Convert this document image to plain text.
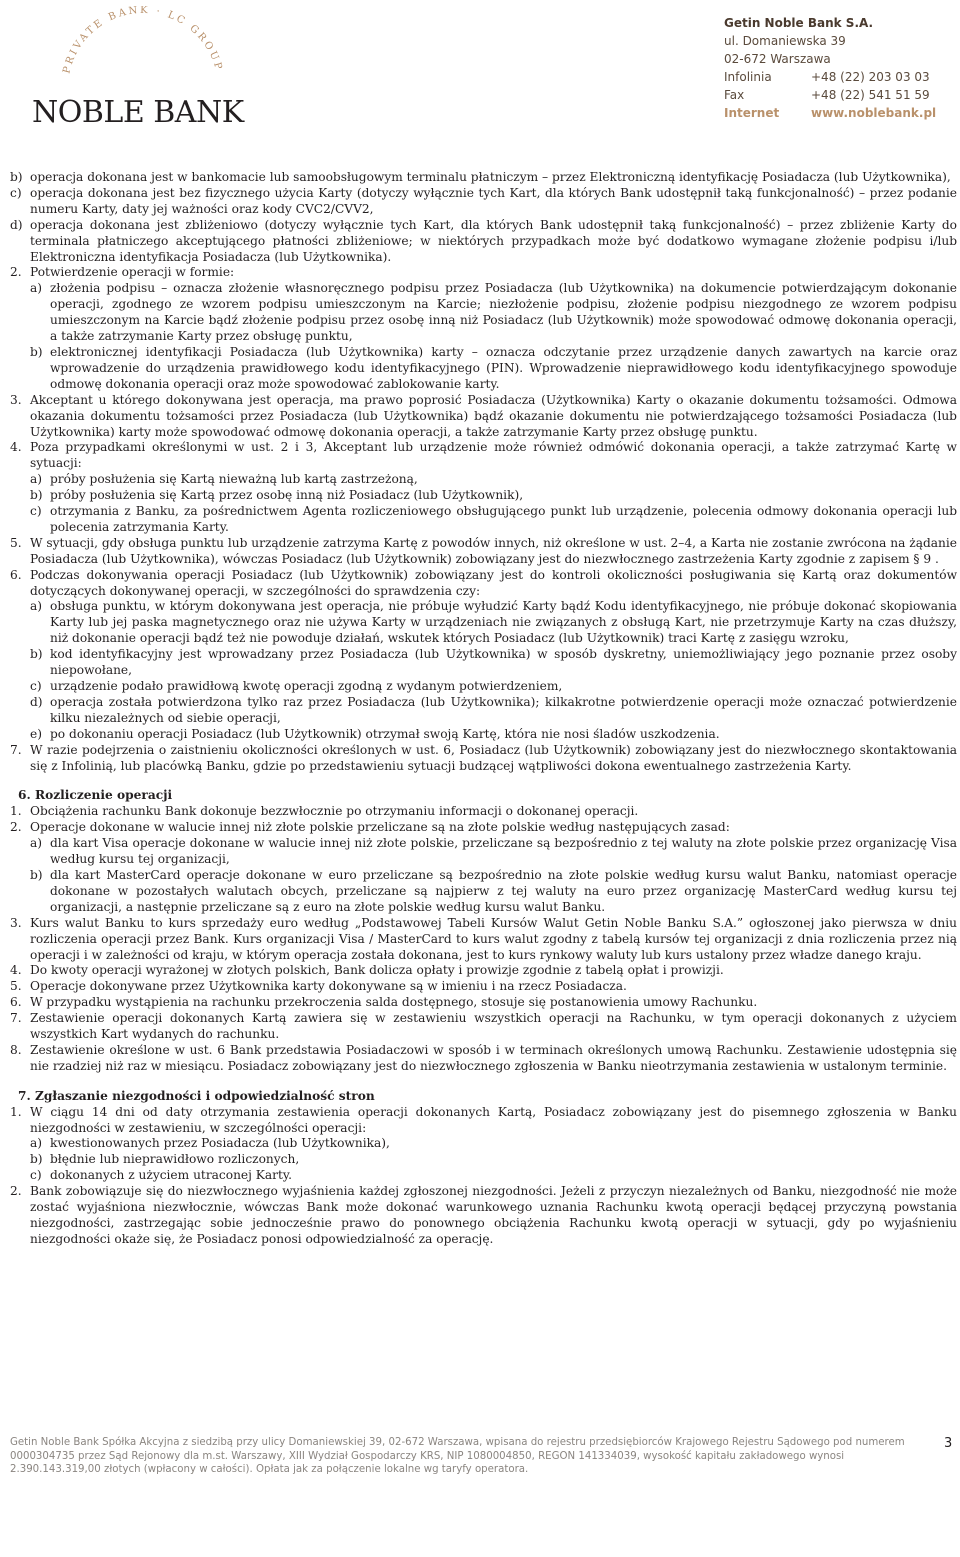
PRIVATE BANK · LC GROUP
NOBLE BANK
Getin Noble Bank S.A.
ul. Domaniewska 39
02-672 Warszawa
Infolinia	+48 (22) 203 03 03
Fax	+48 (22) 541 51 59
Internet	www.noblebank.pl
b) operacja dokonana jest w bankomacie lub samoobsługowym terminalu płatniczym – przez Elektroniczną identyfikację Posiadacza (lub Użytkownika),
c) operacja dokonana jest bez fizycznego użycia Karty (dotyczy wyłącznie tych Kart, dla których Bank udostępnił taką funkcjonalność) – przez podanie numeru Karty, daty jej ważności oraz kody CVC2/CVV2,
d) operacja dokonana jest zbliżeniowo (dotyczy wyłącznie tych Kart, dla których Bank udostępnił taką funkcjonalność) – przez zbliżenie Karty do terminala płatniczego akceptującego płatności zbliżeniowe; w niektórych przypadkach może być dodatkowo wymagane złożenie podpisu i/lub Elektroniczna identyfikacja Posiadacza (lub Użytkownika).
2. Potwierdzenie operacji w formie:
a) złożenia podpisu – oznacza złożenie własnoręcznego podpisu przez Posiadacza (lub Użytkownika) na dokumencie potwierdzającym dokonanie operacji, zgodnego ze wzorem podpisu umieszczonym na Karcie; niezłożenie podpisu, złożenie podpisu niezgodnego ze wzorem podpisu umieszczonym na Karcie bądź złożenie podpisu przez osobę inną niż Posiadacz (lub Użytkownik) może spowodować odmowę dokonania operacji, a także zatrzymanie Karty przez obsługę punktu,
b) elektronicznej identyfikacji Posiadacza (lub Użytkownika) karty – oznacza odczytanie przez urządzenie danych zawartych na karcie oraz wprowadzenie do urządzenia prawidłowego kodu identyfikacyjnego (PIN). Wprowadzenie nieprawidłowego kodu identyfikacyjnego spowoduje odmowę dokonania operacji oraz może spowodować zablokowanie karty.
3. Akceptant u którego dokonywana jest operacja, ma prawo poprosić Posiadacza (Użytkownika) Karty o okazanie dokumentu tożsamości. Odmowa okazania dokumentu tożsamości przez Posiadacza (lub Użytkownika) bądź okazanie dokumentu nie potwierdzającego tożsamości Posiadacza (lub Użytkownika) karty może spowodować odmowę dokonania operacji, a także zatrzymanie Karty przez obsługę punktu.
4. Poza przypadkami określonymi w ust. 2 i 3, Akceptant lub urządzenie może również odmówić dokonania operacji, a także zatrzymać Kartę w sytuacji:
a) próby posłużenia się Kartą nieważną lub kartą zastrzeżoną,
b) próby posłużenia się Kartą przez osobę inną niż Posiadacz (lub Użytkownik),
c) otrzymania z Banku, za pośrednictwem Agenta rozliczeniowego obsługującego punkt lub urządzenie, polecenia odmowy dokonania operacji lub polecenia zatrzymania Karty.
5. W sytuacji, gdy obsługa punktu lub urządzenie zatrzyma Kartę z powodów innych, niż określone w ust. 2–4, a Karta nie zostanie zwrócona na żądanie Posiadacza (lub Użytkownika), wówczas Posiadacz (lub Użytkownik) zobowiązany jest do niezwłocznego zastrzeżenia Karty zgodnie z zapisem § 9 .
6. Podczas dokonywania operacji Posiadacz (lub Użytkownik) zobowiązany jest do kontroli okoliczności posługiwania się Kartą oraz dokumentów dotyczących dokonywanej operacji, w szczególności do sprawdzenia czy:
a) obsługa punktu, w którym dokonywana jest operacja, nie próbuje wyłudzić Karty bądź Kodu identyfikacyjnego, nie próbuje dokonać skopiowania Karty lub jej paska magnetycznego oraz nie używa Karty w urządzeniach nie związanych z obsługą Kart, nie przetrzymuje Karty na czas dłuższy, niż dokonanie operacji bądź też nie powoduje działań, wskutek których Posiadacz (lub Użytkownik) traci Kartę z zasięgu wzroku,
b) kod identyfikacyjny jest wprowadzany przez Posiadacza (lub Użytkownika) w sposób dyskretny, uniemożliwiający jego poznanie przez osoby niepowołane,
c) urządzenie podało prawidłową kwotę operacji zgodną z wydanym potwierdzeniem,
d) operacja została potwierdzona tylko raz przez Posiadacza (lub Użytkownika); kilkakrotne potwierdzenie operacji może oznaczać potwierdzenie kilku niezależnych od siebie operacji,
e) po dokonaniu operacji Posiadacz (lub Użytkownik) otrzymał swoją Kartę, która nie nosi śladów uszkodzenia.
7. W razie podejrzenia o zaistnieniu okoliczności określonych w ust. 6, Posiadacz (lub Użytkownik) zobowiązany jest do niezwłocznego skontaktowania się z Infolinią, lub placówką Banku, gdzie po przedstawieniu sytuacji budzącej wątpliwości dokona ewentualnego zastrzeżenia Karty.
6. Rozliczenie operacji
1. Obciążenia rachunku Bank dokonuje bezzwłocznie po otrzymaniu informacji o dokonanej operacji.
2. Operacje dokonane w walucie innej niż złote polskie przeliczane są na złote polskie według następujących zasad:
a) dla kart Visa operacje dokonane w walucie innej niż złote polskie, przeliczane są bezpośrednio z tej waluty na złote polskie przez organizację Visa według kursu tej organizacji,
b) dla kart MasterCard operacje dokonane w euro przeliczane są bezpośrednio na złote polskie według kursu walut Banku, natomiast operacje dokonane w pozostałych walutach obcych, przeliczane są najpierw z tej waluty na euro przez organizację MasterCard według kursu tej organizacji, a następnie przeliczane są z euro na złote polskie według kursu walut Banku.
3. Kurs walut Banku to kurs sprzedaży euro według „Podstawowej Tabeli Kursów Walut Getin Noble Banku S.A.” ogłoszonej jako pierwsza w dniu rozliczenia operacji przez Bank. Kurs organizacji Visa / MasterCard to kurs walut zgodny z tabelą kursów tej organizacji z dnia rozliczenia przez nią operacji i w zależności od kraju, w którym operacja została dokonana, jest to kurs rynkowy waluty lub kurs ustalony przez władze danego kraju.
4. Do kwoty operacji wyrażonej w złotych polskich, Bank dolicza opłaty i prowizje zgodnie z tabelą opłat i prowizji.
5. Operacje dokonywane przez Użytkownika karty dokonywane są w imieniu i na rzecz Posiadacza.
6. W przypadku wystąpienia na rachunku przekroczenia salda dostępnego, stosuje się postanowienia umowy Rachunku.
7. Zestawienie operacji dokonanych Kartą zawiera się w zestawieniu wszystkich operacji na Rachunku, w tym operacji dokonanych z użyciem wszystkich Kart wydanych do rachunku.
8. Zestawienie określone w ust. 6 Bank przedstawia Posiadaczowi w sposób i w terminach określonych umową Rachunku. Zestawienie udostępnia się nie rzadziej niż raz w miesiącu. Posiadacz zobowiązany jest do niezwłocznego zgłoszenia w Banku nieotrzymania zestawienia w ustalonym terminie.
7. Zgłaszanie niezgodności i odpowiedzialność stron
1. W ciągu 14 dni od daty otrzymania zestawienia operacji dokonanych Kartą, Posiadacz zobowiązany jest do pisemnego zgłoszenia w Banku niezgodności w zestawieniu, w szczególności operacji:
a) kwestionowanych przez Posiadacza (lub Użytkownika),
b) błędnie lub nieprawidłowo rozliczonych,
c) dokonanych z użyciem utraconej Karty.
2. Bank zobowiązuje się do niezwłocznego wyjaśnienia każdej zgłoszonej niezgodności. Jeżeli z przyczyn niezależnych od Banku, niezgodność nie może zostać wyjaśniona niezwłocznie, wówczas Bank może dokonać warunkowego uznania Rachunku kwotą operacji będącej przyczyną powstania niezgodności, zastrzegając sobie jednocześnie prawo do ponownego obciążenia Rachunku kwotą operacji w sytuacji, gdy po wyjaśnieniu niezgodności okaże się, że Posiadacz ponosi odpowiedzialność za operację.
Getin Noble Bank Spółka Akcyjna z siedzibą przy ulicy Domaniewskiej 39, 02-672 Warszawa, wpisana do rejestru przedsiębiorców Krajowego Rejestru Sądowego pod numerem 0000304735 przez Sąd Rejonowy dla m.st. Warszawy, XIII Wydział Gospodarczy KRS, NIP 1080004850, REGON 141334039, wysokość kapitału zakładowego wynosi 2.390.143.319,00 złotych (wpłacony w całości). Opłata jak za połączenie lokalne wg taryfy operatora.
3
